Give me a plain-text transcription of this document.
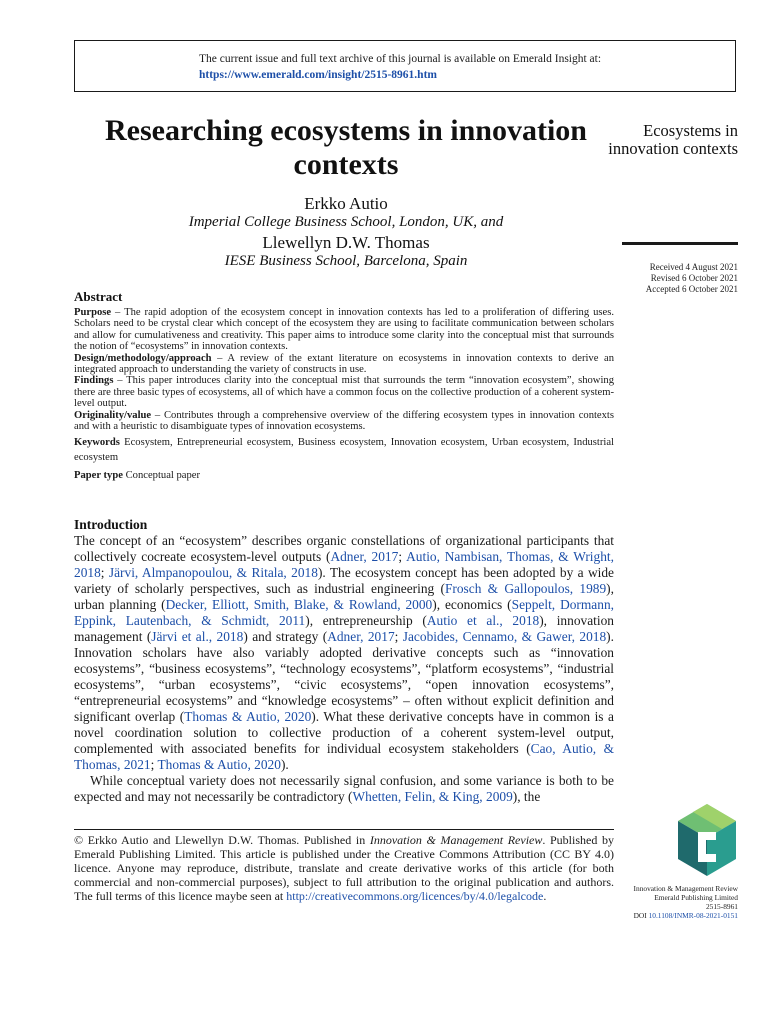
The current issue and full text archive of this journal is available on Emerald Insight at:
https://www.emerald.com/insight/2515-8961.htm
Researching ecosystems in innovation contexts
Erkko Autio
Imperial College Business School, London, UK, and
Llewellyn D.W. Thomas
IESE Business School, Barcelona, Spain
Ecosystems in innovation contexts
Received 4 August 2021
Revised 6 October 2021
Accepted 6 October 2021
Abstract

Purpose – The rapid adoption of the ecosystem concept in innovation contexts has led to a proliferation of differing uses. Scholars need to be crystal clear which concept of the ecosystem they are using to facilitate communication between scholars and allow for cumulativeness and creativity. This paper aims to introduce some clarity into the conceptual mist that surrounds the notion of “ecosystems” in innovation contexts.

Design/methodology/approach – A review of the extant literature on ecosystems in innovation contexts to derive an integrated approach to understanding the variety of constructs in use.

Findings – This paper introduces clarity into the conceptual mist that surrounds the term “innovation ecosystem”, showing there are three basic types of ecosystems, all of which have a common focus on the collective production of a coherent system-level output.

Originality/value – Contributes through a comprehensive overview of the differing ecosystem types in innovation contexts and with a heuristic to disambiguate types of innovation ecosystems.

Keywords Ecosystem, Entrepreneurial ecosystem, Business ecosystem, Innovation ecosystem, Urban ecosystem, Industrial ecosystem

Paper type Conceptual paper

Introduction

The concept of an “ecosystem” describes organic constellations of organizational participants that collectively cocreate ecosystem-level outputs (Adner, 2017; Autio, Nambisan, Thomas, & Wright, 2018; Järvi, Almpanopoulou, & Ritala, 2018). The ecosystem concept has been adopted by a wide variety of scholarly perspectives, such as industrial engineering (Frosch & Gallopoulos, 1989), urban planning (Decker, Elliott, Smith, Blake, & Rowland, 2000), economics (Seppelt, Dormann, Eppink, Lautenbach, & Schmidt, 2011), entrepreneurship (Autio et al., 2018), innovation management (Järvi et al., 2018) and strategy (Adner, 2017; Jacobides, Cennamo, & Gawer, 2018). Innovation scholars have also variably adopted derivative concepts such as “innovation ecosystems”, “business ecosystems”, “technology ecosystems”, “platform ecosystems”, “industrial ecosystems”, “urban ecosystems”, “civic ecosystems”, “open innovation ecosystems”, “entrepreneurial ecosystems” and “knowledge ecosystems” – often without explicit definition and significant overlap (Thomas & Autio, 2020). What these derivative concepts have in common is a novel coordination solution to collective production of a coherent system-level output, complemented with associated benefits for individual ecosystem stakeholders (Cao, Autio, & Thomas, 2021; Thomas & Autio, 2020).

While conceptual variety does not necessarily signal confusion, and some variance is both to be expected and may not necessarily be contradictory (Whetten, Felin, & King, 2009), the

© Erkko Autio and Llewellyn D.W. Thomas. Published in Innovation & Management Review. Published by Emerald Publishing Limited. This article is published under the Creative Commons Attribution (CC BY 4.0) licence. Anyone may reproduce, distribute, translate and create derivative works of this article (for both commercial and non-commercial purposes), subject to full attribution to the original publication and authors. The full terms of this licence maybe seen at http://creativecommons.org/licences/by/4.0/legalcode.
Innovation & Management Review
Emerald Publishing Limited
2515-8961
DOI 10.1108/INMR-08-2021-0151
